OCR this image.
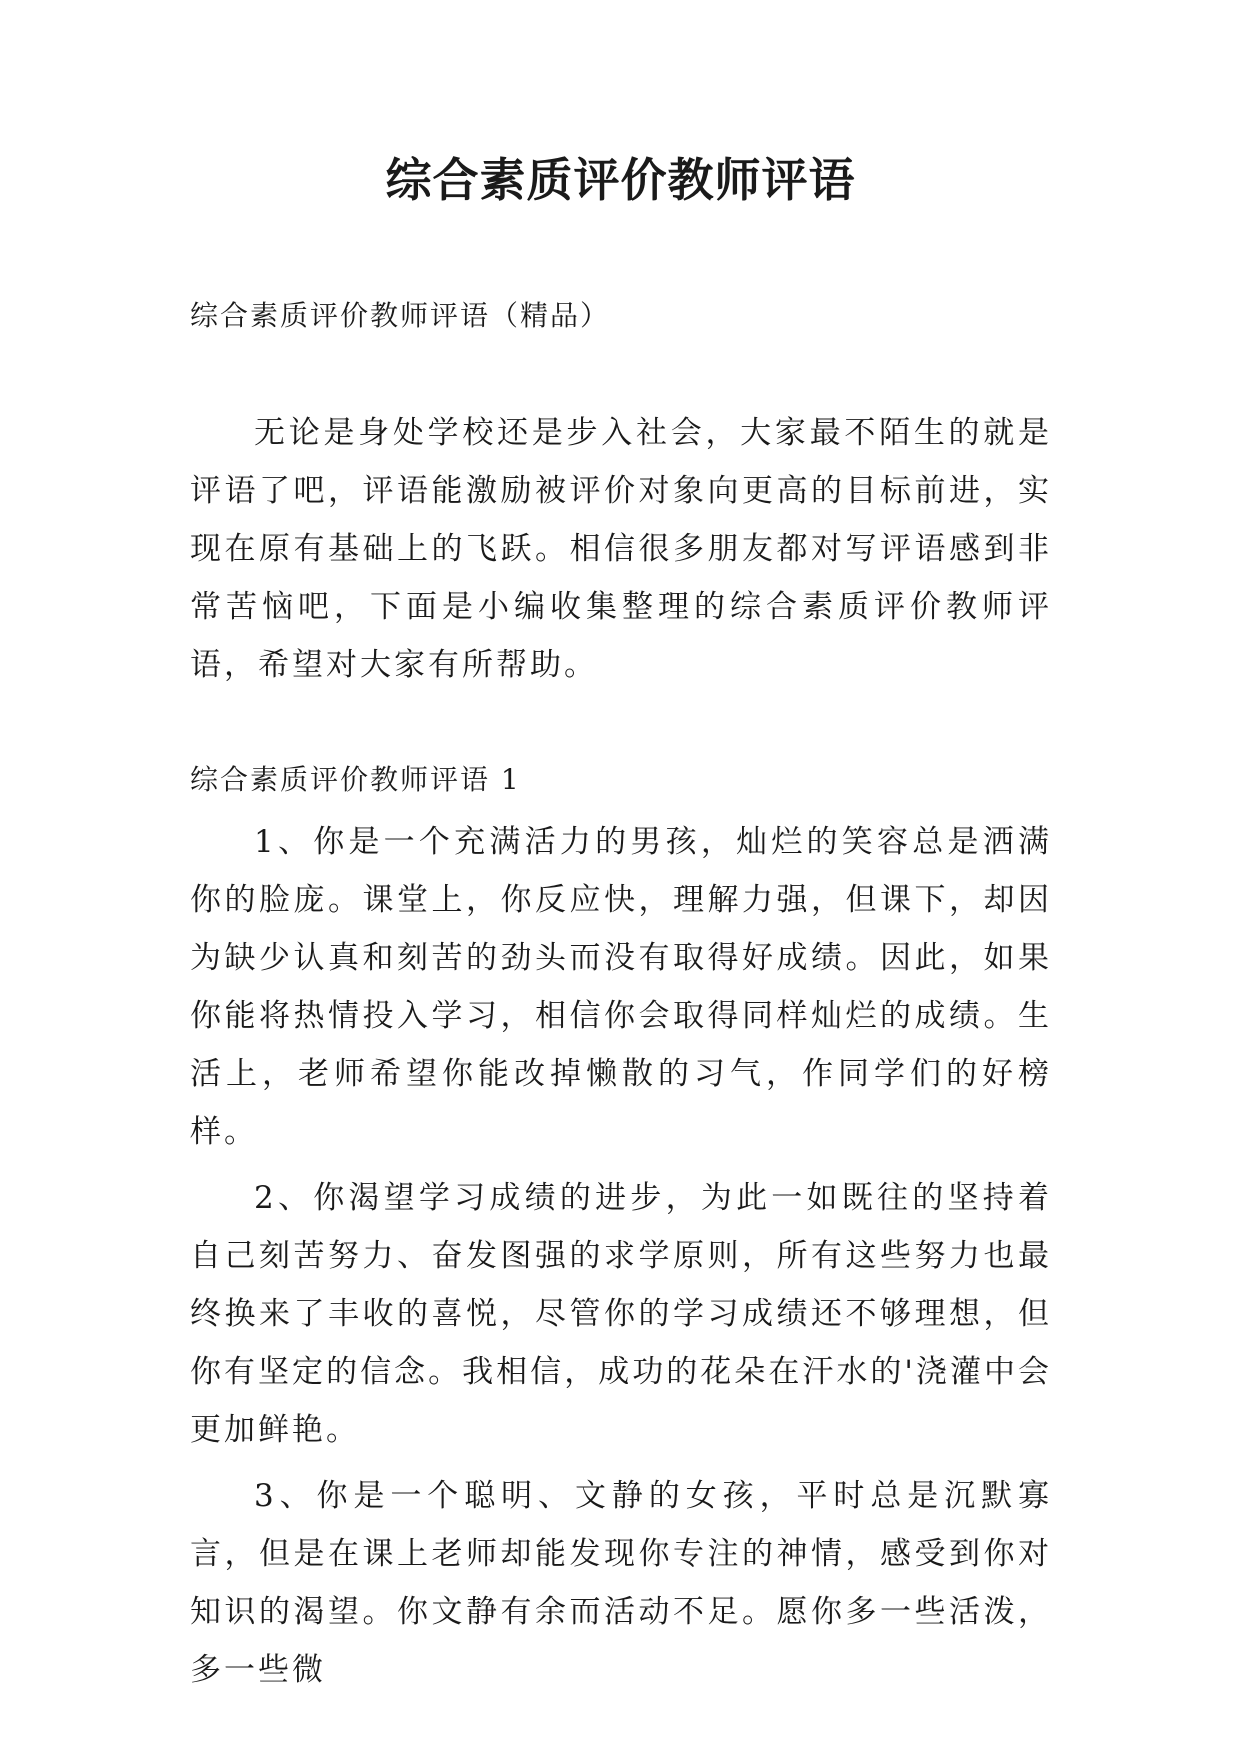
综合素质评价教师评语
综合素质评价教师评语（精品）

无论是身处学校还是步入社会，大家最不陌生的就是评语了吧，评语能激励被评价对象向更高的目标前进，实现在原有基础上的飞跃。相信很多朋友都对写评语感到非常苦恼吧，下面是小编收集整理的综合素质评价教师评语，希望对大家有所帮助。

综合素质评价教师评语 1

1、你是一个充满活力的男孩，灿烂的笑容总是洒满你的脸庞。课堂上，你反应快，理解力强，但课下，却因为缺少认真和刻苦的劲头而没有取得好成绩。因此，如果你能将热情投入学习，相信你会取得同样灿烂的成绩。生活上，老师希望你能改掉懒散的习气，作同学们的好榜样。

2、你渴望学习成绩的进步，为此一如既往的坚持着自己刻苦努力、奋发图强的求学原则，所有这些努力也最终换来了丰收的喜悦，尽管你的学习成绩还不够理想，但你有坚定的信念。我相信，成功的花朵在汗水的'浇灌中会更加鲜艳。

3、你是一个聪明、文静的女孩，平时总是沉默寡言，但是在课上老师却能发现你专注的神情，感受到你对知识的渴望。你文静有余而活动不足。愿你多一些活泼，多一些微
